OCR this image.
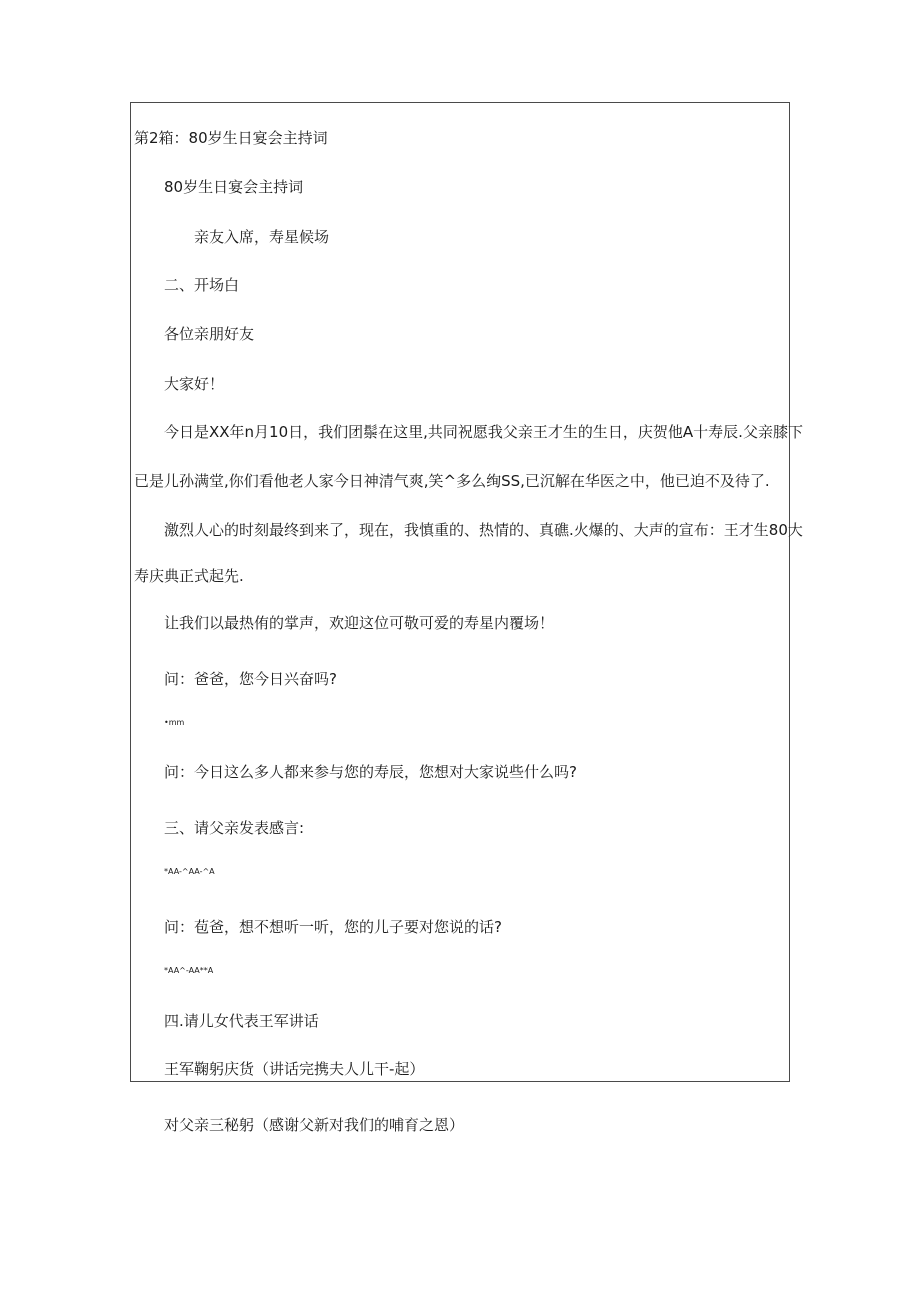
第2箱：80岁生日宴会主持词
80岁生日宴会主持词
亲友入席，寿星候场
二、开场白
各位亲朋好友
大家好！
今日是XX年n月10日，我们团鬃在这里,共同祝愿我父亲王才生的生日，庆贺他A十寿辰.父亲膝下
已是儿孙满堂,你们看他老人家今日神清气爽,笑^多么绚SS,已沉解在华医之中，他已迫不及待了.
激烈人心的时刻最终到来了，现在，我慎重的、热情的、真礁.火爆的、大声的宣布：王才生80大
寿庆典正式起先.
让我们以最热侑的掌声，欢迎这位可敬可爱的寿星内覆场！
问：爸爸，您今日兴奋吗?
•mm
问：今日这么多人都来参与您的寿辰，您想对大家说些什么吗?
三、请父亲发表感言:
*AA-^AA-^A
问：苞爸，想不想听一听，您的儿子要对您说的话?
*AA^-AA**A
四.请儿女代表王军讲话
王军鞠躬庆货（讲话完携夫人儿干-起）
对父亲三秘躬（感谢父新对我们的哺育之恩）
